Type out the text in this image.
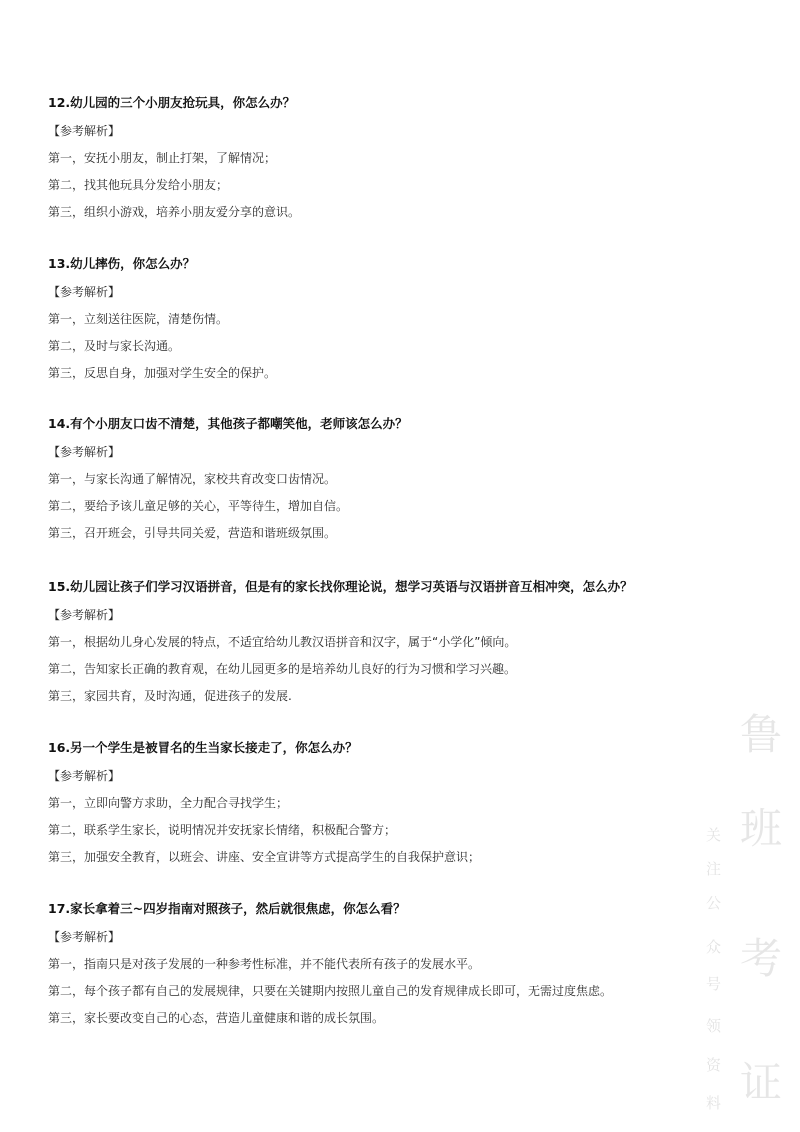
12.幼儿园的三个小朋友抢玩具，你怎么办？
【参考解析】
第一，安抚小朋友，制止打架，了解情况；
第二，找其他玩具分发给小朋友；
第三，组织小游戏，培养小朋友爱分享的意识。
13.幼儿摔伤，你怎么办？
【参考解析】
第一，立刻送往医院，清楚伤情。
第二，及时与家长沟通。
第三，反思自身，加强对学生安全的保护。
14.有个小朋友口齿不清楚，其他孩子都嘲笑他，老师该怎么办？
【参考解析】
第一，与家长沟通了解情况，家校共育改变口齿情况。
第二，要给予该儿童足够的关心，平等待生，增加自信。
第三，召开班会，引导共同关爱，营造和谐班级氛围。
15.幼儿园让孩子们学习汉语拼音，但是有的家长找你理论说，想学习英语与汉语拼音互相冲突，怎么办？
【参考解析】
第一，根据幼儿身心发展的特点，不适宜给幼儿教汉语拼音和汉字，属于“小学化”倾向。
第二，告知家长正确的教育观，在幼儿园更多的是培养幼儿良好的行为习惯和学习兴趣。
第三，家园共育，及时沟通，促进孩子的发展.
16.另一个学生是被冒名的生当家长接走了，你怎么办？
【参考解析】
第一，立即向警方求助，全力配合寻找学生；
第二，联系学生家长，说明情况并安抚家长情绪，积极配合警方；
第三，加强安全教育，以班会、讲座、安全宣讲等方式提高学生的自我保护意识；
17.家长拿着三~四岁指南对照孩子，然后就很焦虑，你怎么看？
【参考解析】
第一，指南只是对孩子发展的一种参考性标准，并不能代表所有孩子的发展水平。
第二，每个孩子都有自己的发展规律，只要在关键期内按照儿童自己的发育规律成长即可，无需过度焦虑。
第三，家长要改变自己的心态，营造儿童健康和谐的成长氛围。
鲁
班
考
证
关
注
公
众
号
领
资
料
